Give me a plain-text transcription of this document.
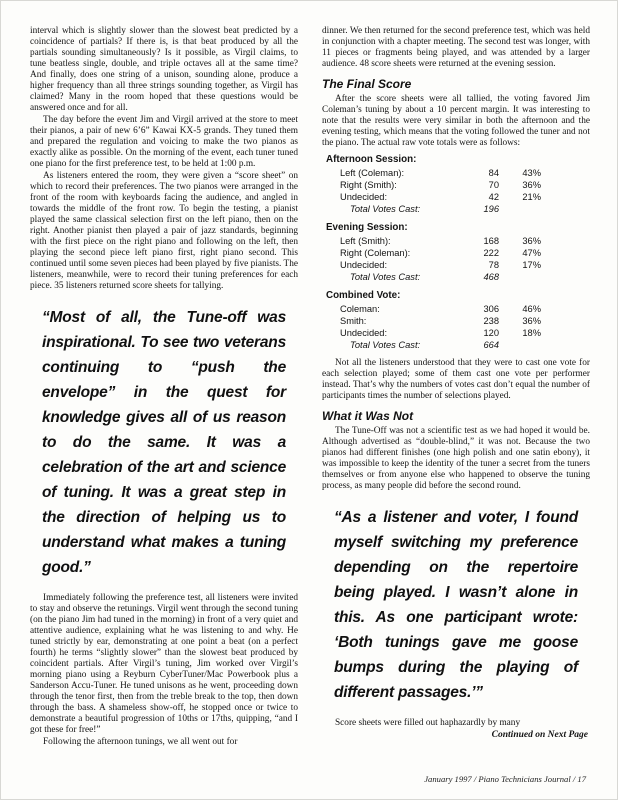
interval which is slightly slower than the slowest beat predicted by a coincidence of partials? If there is, is that beat produced by all the partials sounding simultaneously? Is it possible, as Virgil claims, to tune beatless single, double, and triple octaves all at the same time? And finally, does one string of a unison, sounding alone, produce a higher frequency than all three strings sounding together, as Virgil has claimed? Many in the room hoped that these questions would be answered once and for all.

The day before the event Jim and Virgil arrived at the store to meet their pianos, a pair of new 6’6” Kawai KX-5 grands. They tuned them and prepared the regulation and voicing to make the two pianos as exactly alike as possible. On the morning of the event, each tuner tuned one piano for the first preference test, to be held at 1:00 p.m.

As listeners entered the room, they were given a “score sheet” on which to record their preferences. The two pianos were arranged in the front of the room with keyboards facing the audience, and angled in towards the middle of the front row. To begin the testing, a pianist played the same classical selection first on the left piano, then on the right. Another pianist then played a pair of jazz standards, beginning with the first piece on the right piano and following on the left, then playing the second piece left piano first, right piano second. This continued until some seven pieces had been played by five pianists. The listeners, meanwhile, were to record their tuning preferences for each piece. 35 listeners returned score sheets for tallying.

“Most of all, the Tune-off was inspirational. To see two veterans continuing to “push the envelope” in the quest for knowledge gives all of us reason to do the same. It was a celebration of the art and science of tuning. It was a great step in the direction of helping us to understand what makes a tuning good.”

Immediately following the preference test, all listeners were invited to stay and observe the retunings. Virgil went through the second tuning (on the piano Jim had tuned in the morning) in front of a very quiet and attentive audience, explaining what he was listening to and why. He tuned strictly by ear, demonstrating at one point a beat (on a perfect fourth) he terms “slightly slower” than the slowest beat produced by coincident partials. After Virgil’s tuning, Jim worked over Virgil’s morning piano using a Reyburn CyberTuner/Mac Powerbook plus a Sanderson Accu-Tuner. He tuned unisons as he went, proceeding down through the tenor first, then from the treble break to the top, then down through the bass. A shameless show-off, he stopped once or twice to demonstrate a beautiful progression of 10ths or 17ths, quipping, “and I got these for free!”

Following the afternoon tunings, we all went out for

dinner. We then returned for the second preference test, which was held in conjunction with a chapter meeting. The second test was longer, with 11 pieces or fragments being played, and was attended by a larger audience. 48 score sheets were returned at the evening session.

The Final Score

After the score sheets were all tallied, the voting favored Jim Coleman’s tuning by about a 10 percent margin. It was interesting to note that the results were very similar in both the afternoon and the evening testing, which means that the voting followed the tuner and not the piano. The actual raw vote totals were as follows:

Afternoon Session:
Left (Coleman):	84	43%
Right (Smith):	70	36%
Undecided:	42	21%
Total Votes Cast:	196
Evening Session:
Left (Smith):	168	36%
Right (Coleman):	222	47%
Undecided:	78	17%
Total Votes Cast:	468
Combined Vote:
Coleman:	306	46%
Smith:	238	36%
Undecided:	120	18%
Total Votes Cast:	664

Not all the listeners understood that they were to cast one vote for each selection played; some of them cast one vote per performer instead. That’s why the numbers of votes cast don’t equal the number of participants times the number of selections played.

What it Was Not

The Tune-Off was not a scientific test as we had hoped it would be. Although advertised as “double-blind,” it was not. Because the two pianos had different finishes (one high polish and one satin ebony), it was impossible to keep the identity of the tuner a secret from the tuners themselves or from anyone else who happened to observe the tuning process, as many people did before the second round.

“As a listener and voter, I found myself switching my preference depending on the repertoire being played. I wasn’t alone in this. As one participant wrote: ‘Both tunings gave me goose bumps during the playing of different passages.’”

Score sheets were filled out haphazardly by many

Continued on Next Page
January 1997 / Piano Technicians Journal / 17
